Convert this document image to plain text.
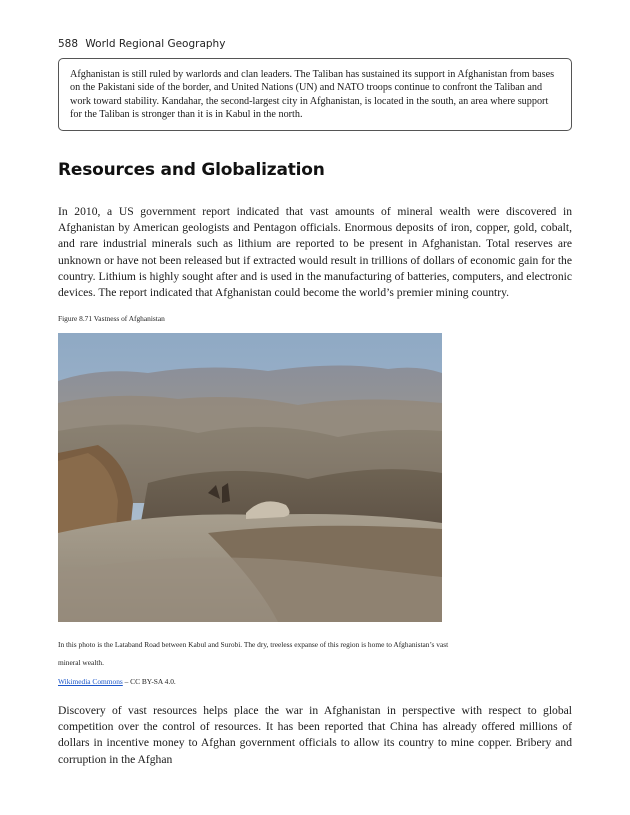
588 World Regional Geography
Afghanistan is still ruled by warlords and clan leaders. The Taliban has sustained its support in Afghanistan from bases on the Pakistani side of the border, and United Nations (UN) and NATO troops continue to confront the Taliban and work toward stability. Kandahar, the second-largest city in Afghanistan, is located in the south, an area where support for the Taliban is stronger than it is in Kabul in the north.
Resources and Globalization

In 2010, a US government report indicated that vast amounts of mineral wealth were discovered in Afghanistan by American geologists and Pentagon officials. Enormous deposits of iron, copper, gold, cobalt, and rare industrial minerals such as lithium are reported to be present in Afghanistan. Total reserves are unknown or have not been released but if extracted would result in trillions of dollars of economic gain for the country. Lithium is highly sought after and is used in the manufacturing of batteries, computers, and electronic devices. The report indicated that Afghanistan could become the world’s premier mining country.

Figure 8.71 Vastness of Afghanistan
In this photo is the Lataband Road between Kabul and Surobi. The dry, treeless expanse of this region is home to Afghanistan’s vast mineral wealth.
Wikimedia Commons – CC BY-SA 4.0.

Discovery of vast resources helps place the war in Afghanistan in perspective with respect to global competition over the control of resources. It has been reported that China has already offered millions of dollars in incentive money to Afghan government officials to allow its country to mine copper. Bribery and corruption in the Afghan
